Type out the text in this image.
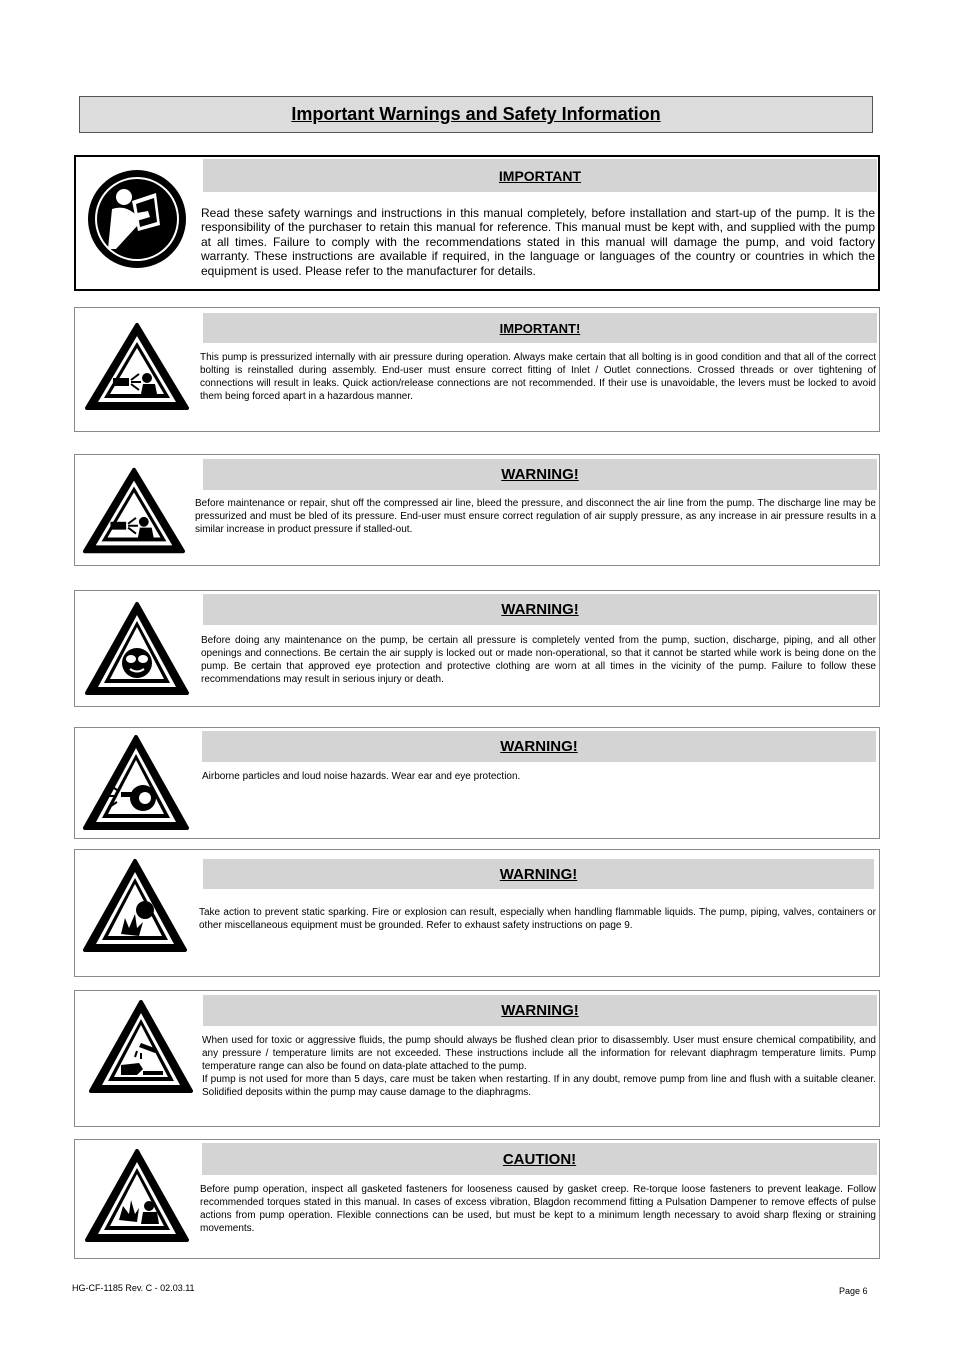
Important Warnings and Safety Information
IMPORTANT
Read these safety warnings and instructions in this manual completely, before installation and start-up of the pump. It is the responsibility of the purchaser to retain this manual for reference. This manual must be kept with, and supplied with the pump at all times. Failure to comply with the recommendations stated in this manual will damage the pump, and void factory warranty. These instructions are available if required, in the language or languages of the country or countries in which the equipment is used. Please refer to the manufacturer for details.
IMPORTANT!
This pump is pressurized internally with air pressure during operation. Always make certain that all bolting is in good condition and that all of the correct bolting is reinstalled during assembly. End-user must ensure correct fitting of Inlet / Outlet connections. Crossed threads or over tightening of connections will result in leaks. Quick action/release connections are not recommended. If their use is unavoidable, the levers must be locked to avoid them being forced apart in a hazardous manner.
WARNING!
Before maintenance or repair, shut off the compressed air line, bleed the pressure, and disconnect the air line from the pump. The discharge line may be pressurized and must be bled of its pressure. End-user must ensure correct regulation of air supply pressure, as any increase in air pressure results in a similar increase in product pressure if stalled-out.
WARNING!
Before doing any maintenance on the pump, be certain all pressure is completely vented from the pump, suction, discharge, piping, and all other openings and connections. Be certain the air supply is locked out or made non-operational, so that it cannot be started while work is being done on the pump. Be certain that approved eye protection and protective clothing are worn at all times in the vicinity of the pump. Failure to follow these recommendations may result in serious injury or death.
WARNING!
Airborne particles and loud noise hazards. Wear ear and eye protection.
WARNING!
Take action to prevent static sparking. Fire or explosion can result, especially when handling flammable liquids. The pump, piping, valves, containers or other miscellaneous equipment must be grounded. Refer to exhaust safety instructions on page 9.
WARNING!
When used for toxic or aggressive fluids, the pump should always be flushed clean prior to disassembly. User must ensure chemical compatibility, and any pressure / temperature limits are not exceeded. These instructions include all the information for relevant diaphragm temperature limits. Pump temperature range can also be found on data-plate attached to the pump.
If pump is not used for more than 5 days, care must be taken when restarting. If in any doubt, remove pump from line and flush with a suitable cleaner. Solidified deposits within the pump may cause damage to the diaphragms.
CAUTION!
Before pump operation, inspect all gasketed fasteners for looseness caused by gasket creep. Re-torque loose fasteners to prevent leakage. Follow recommended torques stated in this manual. In cases of excess vibration, Blagdon recommend fitting a Pulsation Dampener to remove effects of pulse actions from pump operation. Flexible connections can be used, but must be kept to a minimum length necessary to avoid sharp flexing or straining movements.
HG-CF-1185 Rev. C - 02.03.11	Page 6
